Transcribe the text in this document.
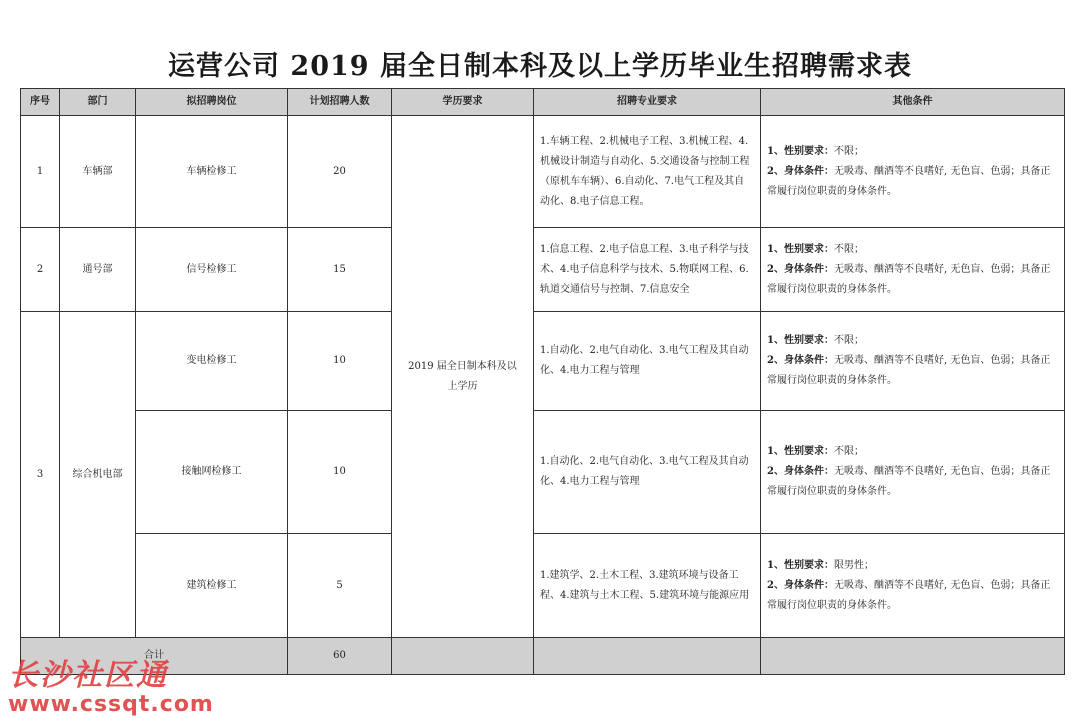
运营公司 2019 届全日制本科及以上学历毕业生招聘需求表
序号	部门	拟招聘岗位	计划招聘人数	学历要求	招聘专业要求	其他条件
1	车辆部	车辆检修工	20	2019 届全日制本科及以上学历	1.车辆工程、2.机械电子工程、3.机械工程、4.机械设计制造与自动化、5.交通设备与控制工程（原机车车辆）、6.自动化、7.电气工程及其自动化、8.电子信息工程。	1、性别要求：不限；
2、身体条件：无吸毒、酗酒等不良嗜好, 无色盲、色弱；具备正常履行岗位职责的身体条件。

2	通号部	信号检修工	15		1.信息工程、2.电子信息工程、3.电子科学与技术、4.电子信息科学与技术、5.物联网工程、6.轨道交通信号与控制、7.信息安全	1、性别要求：不限；
2、身体条件：无吸毒、酗酒等不良嗜好, 无色盲、色弱；具备正常履行岗位职责的身体条件。

3	综合机电部	变电检修工	10		1.自动化、2.电气自动化、3.电气工程及其自动化、4.电力工程与管理	1、性别要求：不限；
2、身体条件：无吸毒、酗酒等不良嗜好, 无色盲、色弱；具备正常履行岗位职责的身体条件。

		接触网检修工	10		1.自动化、2.电气自动化、3.电气工程及其自动化、4.电力工程与管理	1、性别要求：不限；
2、身体条件：无吸毒、酗酒等不良嗜好, 无色盲、色弱；具备正常履行岗位职责的身体条件。

		建筑检修工	5		1.建筑学、2.土木工程、3.建筑环境与设备工程、4.建筑与土木工程、5.建筑环境与能源应用	1、性别要求：限男性；
2、身体条件：无吸毒、酗酒等不良嗜好, 无色盲、色弱；具备正常履行岗位职责的身体条件。

合计			60			
长沙社区通
www.cssqt.com
